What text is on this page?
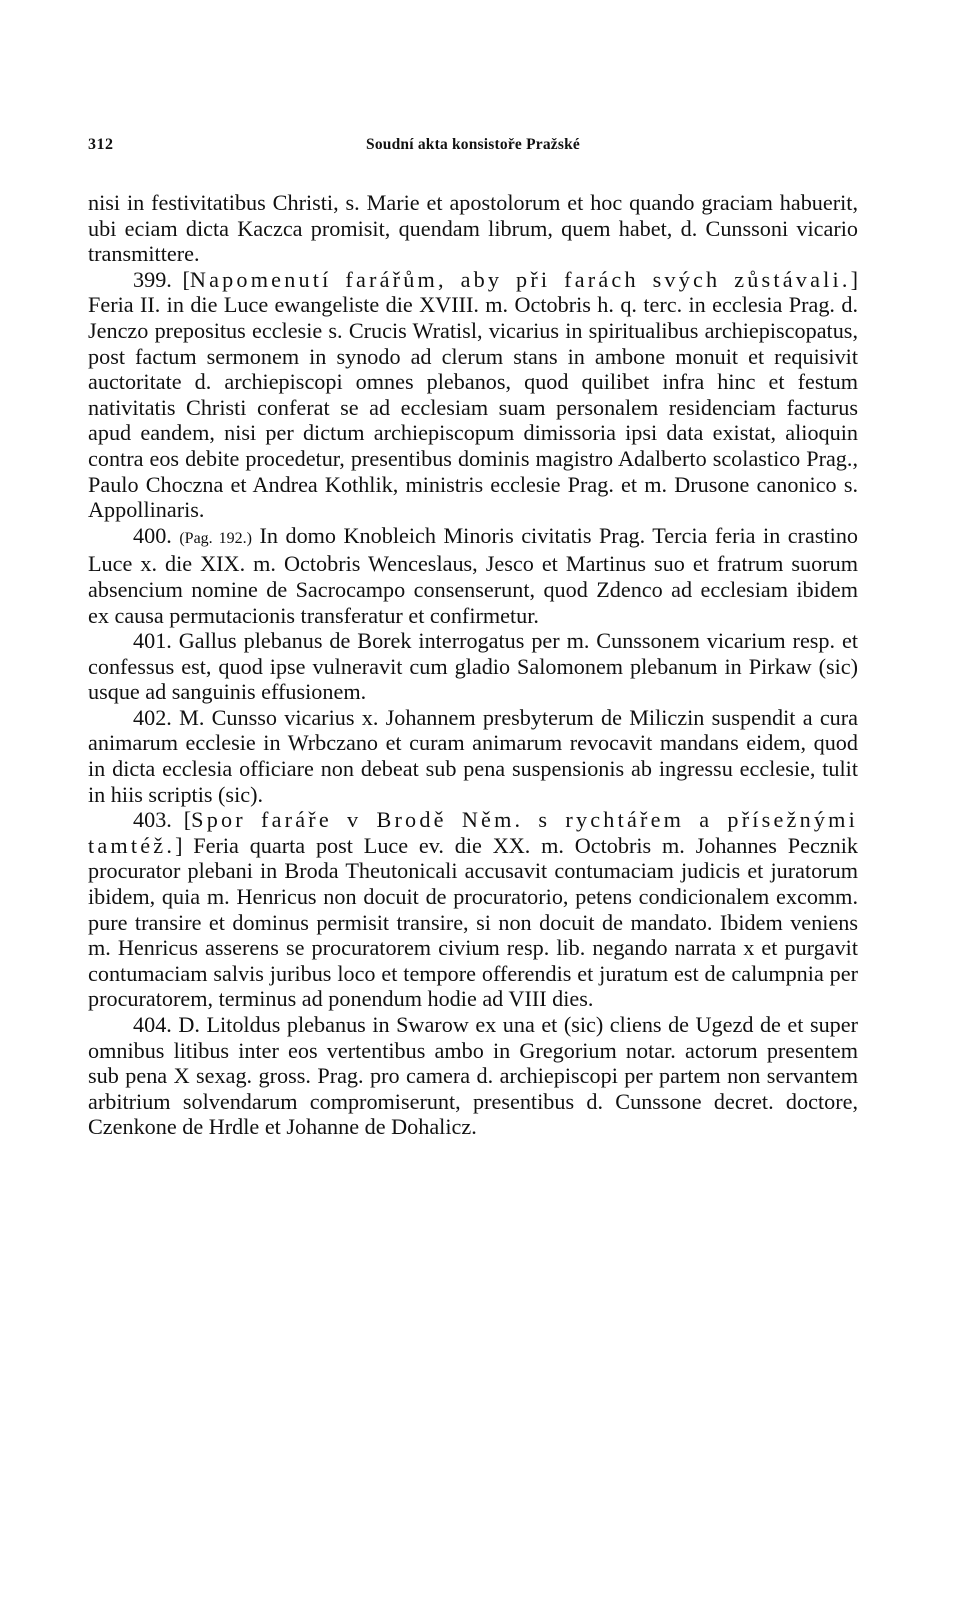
312	Soudní akta konsistoře Pražské

nisi in festivitatibus Christi, s. Marie et apostolorum et hoc quando graciam habuerit, ubi eciam dicta Kaczca promisit, quendam librum, quem habet, d. Cunssoni vicario transmittere.

399. [Napomenutí farářům, aby při farách svých zůstávali.] Feria II. in die Luce ewangeliste die XVIII. m. Octobris h. q. terc. in ecclesia Prag. d. Jenczo prepositus ecclesie s. Crucis Wratisl, vicarius in spiritualibus archiepiscopatus, post factum sermonem in synodo ad clerum stans in ambone monuit et requisivit auctoritate d. archiepiscopi omnes plebanos, quod quilibet infra hinc et festum nativitatis Christi conferat se ad ecclesiam suam personalem residenciam facturus apud eandem, nisi per dictum archiepiscopum dimissoria ipsi data existat, alioquin contra eos debite procedetur, presentibus dominis magistro Adalberto scolastico Prag., Paulo Choczna et Andrea Kothlik, ministris ecclesie Prag. et m. Drusone canonico s. Appollinaris.

400. (Pag. 192.) In domo Knobleich Minoris civitatis Prag. Tercia feria in crastino Luce x. die XIX. m. Octobris Wenceslaus, Jesco et Martinus suo et fratrum suorum absencium nomine de Sacrocampo consenserunt, quod Zdenco ad ecclesiam ibidem ex causa permutacionis transferatur et confirmetur.

401. Gallus plebanus de Borek interrogatus per m. Cunssonem vicarium resp. et confessus est, quod ipse vulneravit cum gladio Salomonem plebanum in Pirkaw (sic) usque ad sanguinis effusionem.

402. M. Cunsso vicarius x. Johannem presbyterum de Miliczin suspendit a cura animarum ecclesie in Wrbczano et curam animarum revocavit mandans eidem, quod in dicta ecclesia officiare non debeat sub pena suspensionis ab ingressu ecclesie, tulit in hiis scriptis (sic).

403. [Spor faráře v Brodě Něm. s rychtářem a přísežnými tamtéž.] Feria quarta post Luce ev. die XX. m. Octobris m. Johannes Pecznik procurator plebani in Broda Theutonicali accusavit contumaciam judicis et juratorum ibidem, quia m. Henricus non docuit de procuratorio, petens condicionalem excomm. pure transire et dominus permisit transire, si non docuit de mandato. Ibidem veniens m. Henricus asserens se procuratorem civium resp. lib. negando narrata x et purgavit contumaciam salvis juribus loco et tempore offerendis et juratum est de calumpnia per procuratorem, terminus ad ponendum hodie ad VIII dies.

404. D. Litoldus plebanus in Swarow ex una et (sic) cliens de Ugezd de et super omnibus litibus inter eos vertentibus ambo in Gregorium notar. actorum presentem sub pena X sexag. gross. Prag. pro camera d. archiepiscopi per partem non servantem arbitrium solvendarum compromiserunt, presentibus d. Cunssone decret. doctore, Czenkone de Hrdle et Johanne de Dohalicz.
